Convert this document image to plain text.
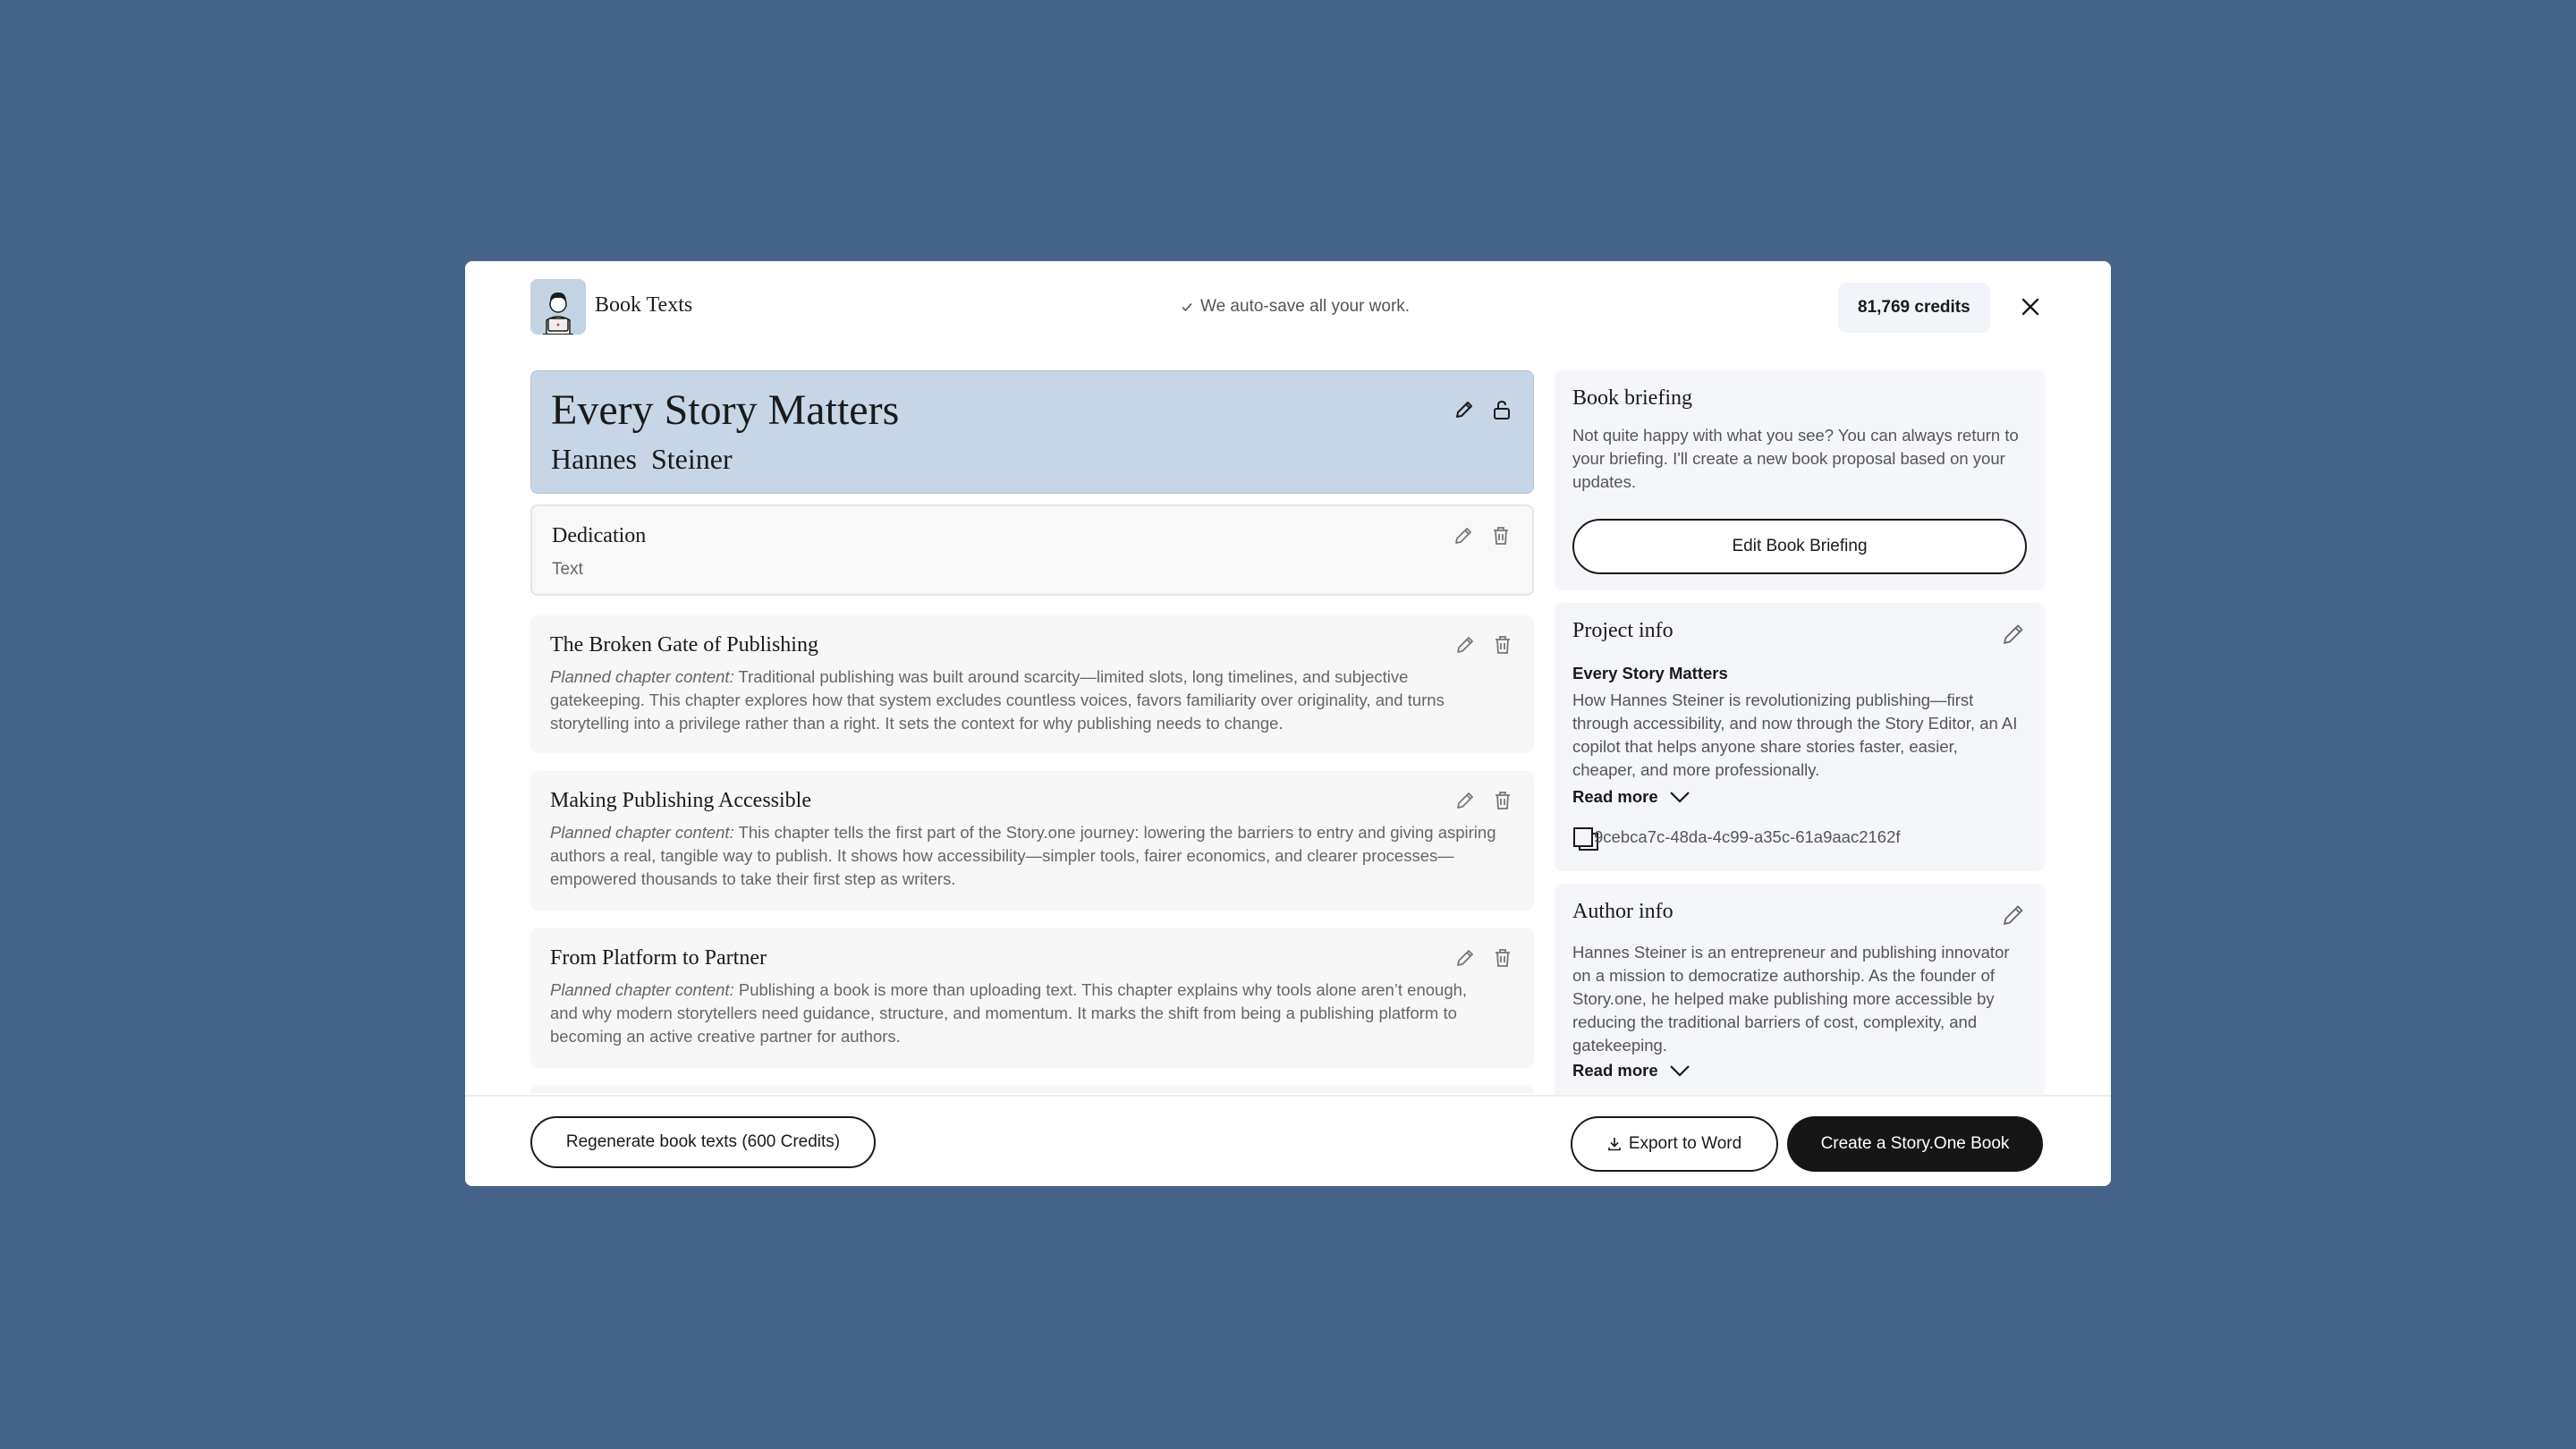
Book Texts	We auto-save all your work.	81,769 credits
Every Story Matters
Hannes  Steiner
Dedication
Text
The Broken Gate of Publishing
Planned chapter content: Traditional publishing was built around scarcity—limited slots, long timelines, and subjective gatekeeping. This chapter explores how that system excludes countless voices, favors familiarity over originality, and turns storytelling into a privilege rather than a right. It sets the context for why publishing needs to change.
Making Publishing Accessible
Planned chapter content: This chapter tells the first part of the Story.one journey: lowering the barriers to entry and giving aspiring authors a real, tangible way to publish. It shows how accessibility—simpler tools, fairer economics, and clearer processes—empowered thousands to take their first step as writers.
From Platform to Partner
Planned chapter content: Publishing a book is more than uploading text. This chapter explains why tools alone aren’t enough, and why modern storytellers need guidance, structure, and momentum. It marks the shift from being a publishing platform to becoming an active creative partner for authors.
Book briefing
Not quite happy with what you see? You can always return to your briefing. I'll create a new book proposal based on your updates.
Edit Book Briefing
Project info
Every Story Matters
How Hannes Steiner is revolutionizing publishing—first through accessibility, and now through the Story Editor, an AI copilot that helps anyone share stories faster, easier, cheaper, and more professionally.
Read more
9cebca7c-48da-4c99-a35c-61a9aac2162f
Author info
Hannes Steiner is an entrepreneur and publishing innovator on a mission to democratize authorship. As the founder of Story.one, he helped make publishing more accessible by reducing the traditional barriers of cost, complexity, and gatekeeping.
Read more
Regenerate book texts (600 Credits)	Export to Word	Create a Story.One Book
